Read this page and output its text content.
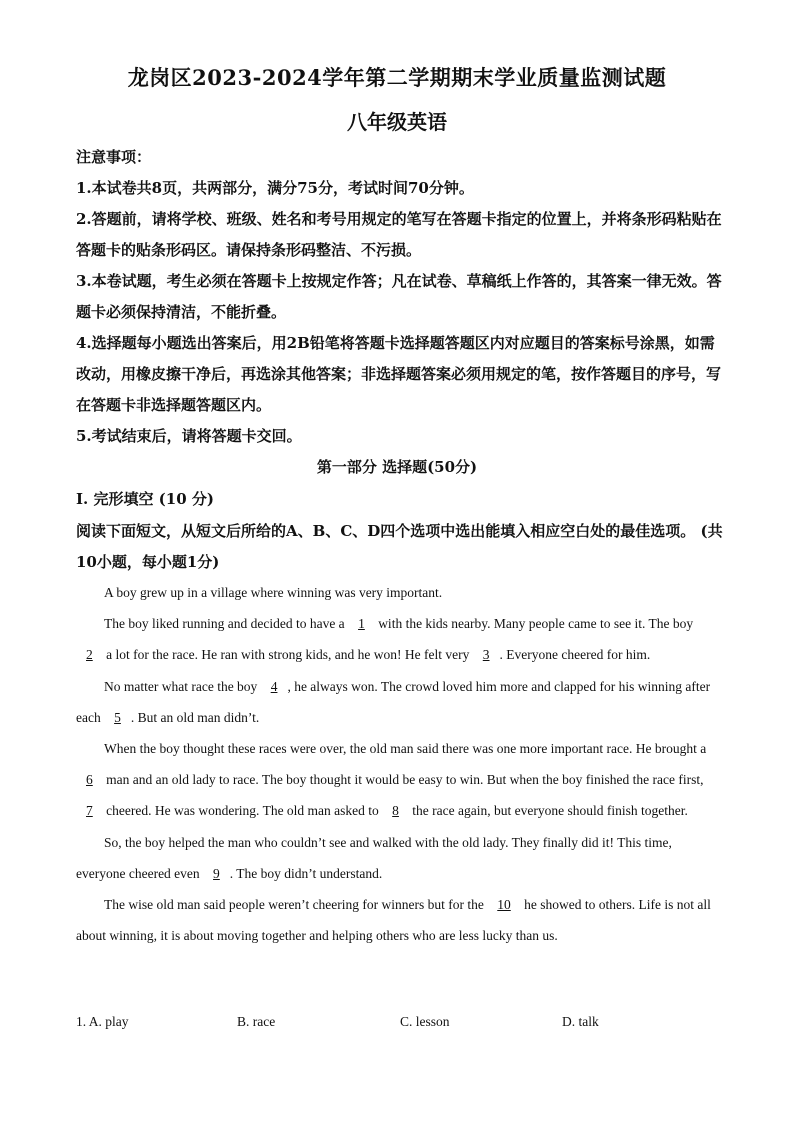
龙岗区2023-2024学年第二学期期末学业质量监测试题
八年级英语

注意事项：

1.本试卷共8页，共两部分，满分75分，考试时间70分钟。

2.答题前，请将学校、班级、姓名和考号用规定的笔写在答题卡指定的位置上，并将条形码粘贴在答题卡的贴条形码区。请保持条形码整洁、不污损。

3.本卷试题，考生必须在答题卡上按规定作答；凡在试卷、草稿纸上作答的，其答案一律无效。答题卡必须保持清洁，不能折叠。

4.选择题每小题选出答案后，用2B铅笔将答题卡选择题答题区内对应题目的答案标号涂黑，如需改动，用橡皮擦干净后，再选涂其他答案；非选择题答案必须用规定的笔，按作答题目的序号，写在答题卡非选择题答题区内。

5.考试结束后，请将答题卡交回。

第一部分 选择题(50分)
I. 完形填空 (10 分)

阅读下面短文，从短文后所给的A、B、C、D四个选项中选出能填入相应空白处的最佳选项。 (共10小题，每小题1分)

A boy grew up in a village where winning was very important.

The boy liked running and decided to have a 1 with the kids nearby. Many people came to see it. The boy 2 a lot for the race. He ran with strong kids, and he won! He felt very 3 . Everyone cheered for him.

No matter what race the boy 4 , he always won. The crowd loved him more and clapped for his winning after each 5 . But an old man didn’t.

When the boy thought these races were over, the old man said there was one more important race. He brought a 6 man and an old lady to race. The boy thought it would be easy to win. But when the boy finished the race first, 7 cheered. He was wondering. The old man asked to 8 the race again, but everyone should finish together.

So, the boy helped the man who couldn’t see and walked with the old lady. They finally did it! This time, everyone cheered even 9 . The boy didn’t understand.

The wise old man said people weren’t cheering for winners but for the 10 he showed to others. Life is not all about winning, it is about moving together and helping others who are less lucky than us.

1. A. play	B. race	C. lesson	D. talk
